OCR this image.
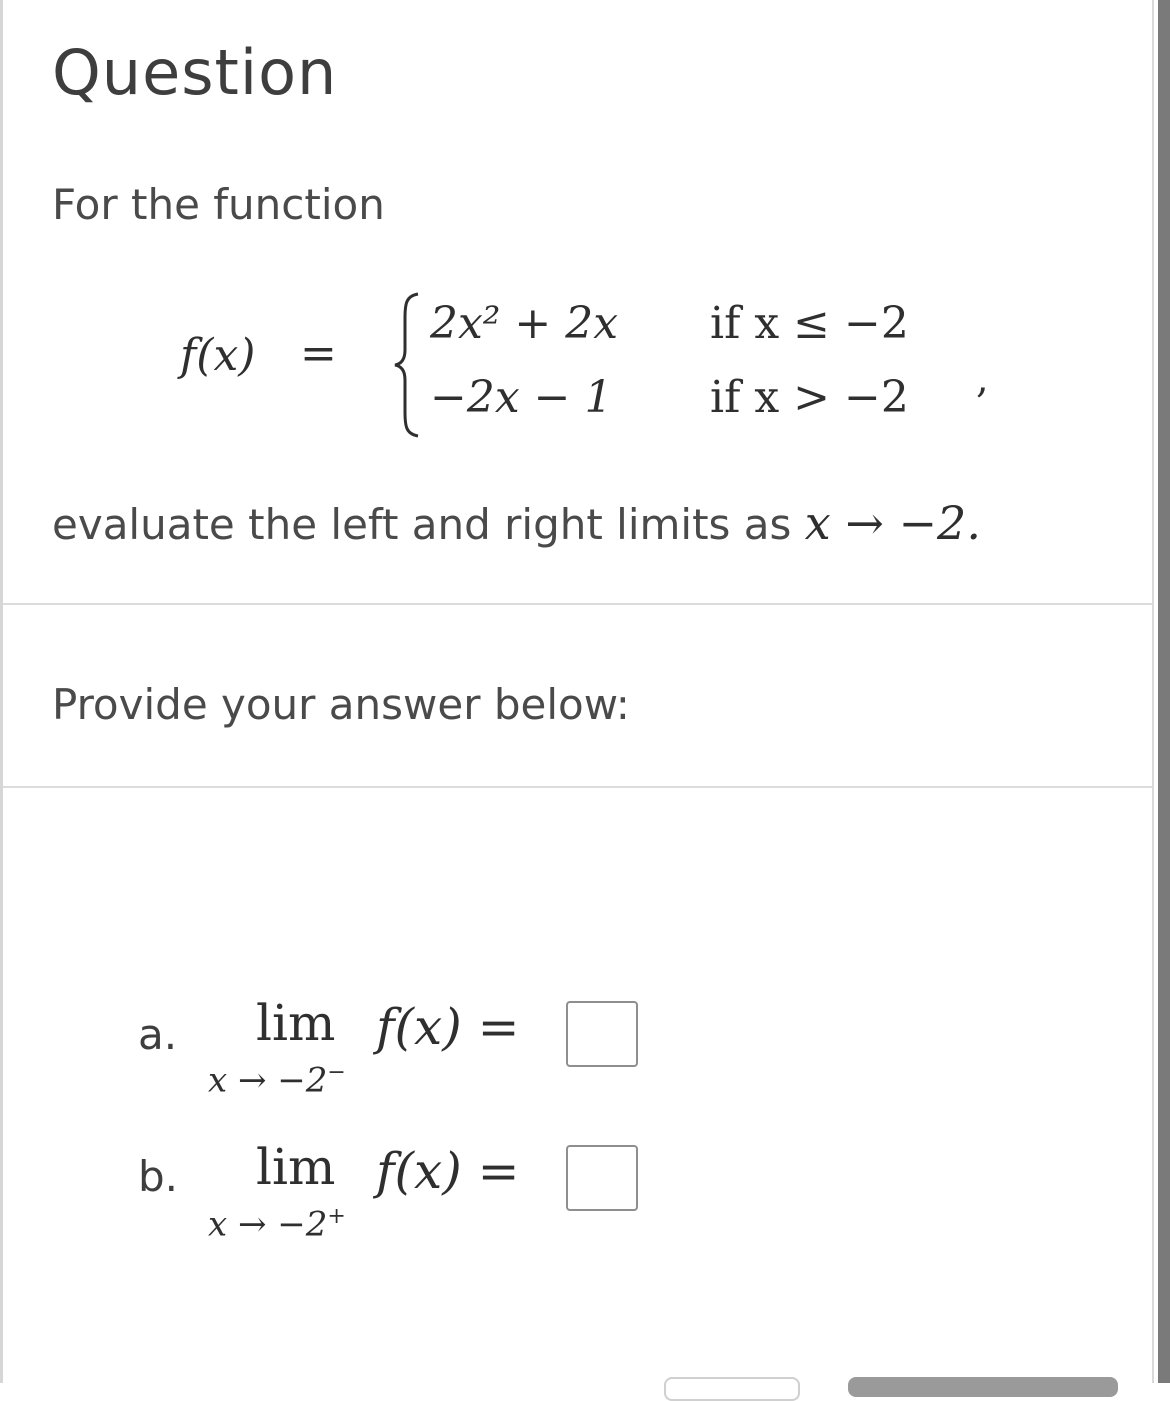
Question
For the function
f(x) =
2x² + 2x if x ≤ −2
−2x − 1 if x > −2 ,
evaluate the left and right limits as x → −2.
Provide your answer below:
a. lim
x → −2−
f(x) =
b. lim
x → −2+
f(x) =
